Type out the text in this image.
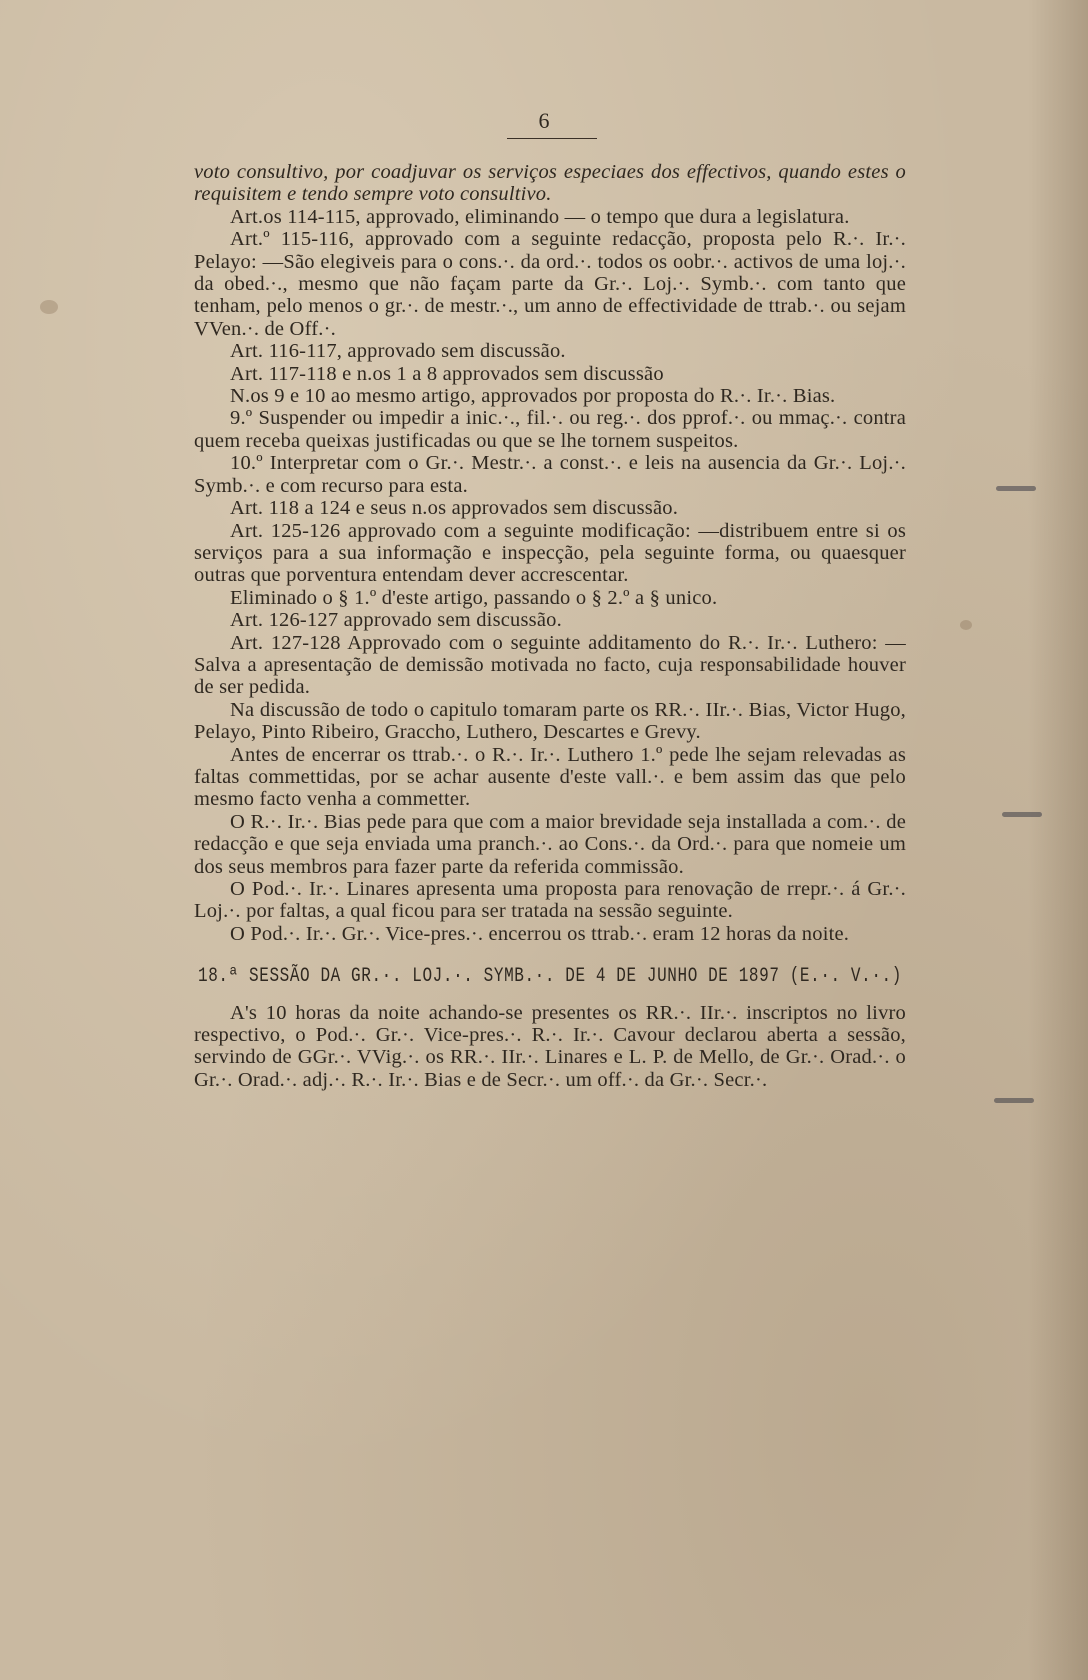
6

voto consultivo, por coadjuvar os serviços especiaes dos effectivos, quando estes o requisitem e tendo sempre voto consultivo.

Art.os 114-115, approvado, eliminando — o tempo que dura a legislatura.

Art.º 115-116, approvado com a seguinte redacção, proposta pelo R.·. Ir.·. Pelayo: —São elegiveis para o cons.·. da ord.·. todos os oobr.·. activos de uma loj.·. da obed.·., mesmo que não façam parte da Gr.·. Loj.·. Symb.·. com tanto que tenham, pelo menos o gr.·. de mestr.·., um anno de effectividade de ttrab.·. ou sejam VVen.·. de Off.·.

Art. 116-117, approvado sem discussão.

Art. 117-118 e n.os 1 a 8 approvados sem discussão

N.os 9 e 10 ao mesmo artigo, approvados por proposta do R.·. Ir.·. Bias.

9.º Suspender ou impedir a inic.·., fil.·. ou reg.·. dos pprof.·. ou mmaç.·. contra quem receba queixas justificadas ou que se lhe tornem suspeitos.

10.º Interpretar com o Gr.·. Mestr.·. a const.·. e leis na ausencia da Gr.·. Loj.·. Symb.·. e com recurso para esta.

Art. 118 a 124 e seus n.os approvados sem discussão.

Art. 125-126 approvado com a seguinte modificação: —distribuem entre si os serviços para a sua informação e inspecção, pela seguinte forma, ou quaesquer outras que porventura entendam dever accrescentar.

Eliminado o § 1.º d'este artigo, passando o § 2.º a § unico.

Art. 126-127 approvado sem discussão.

Art. 127-128 Approvado com o seguinte additamento do R.·. Ir.·. Luthero: — Salva a apresentação de demissão motivada no facto, cuja responsabilidade houver de ser pedida.

Na discussão de todo o capitulo tomaram parte os RR.·. IIr.·. Bias, Victor Hugo, Pelayo, Pinto Ribeiro, Graccho, Luthero, Descartes e Grevy.

Antes de encerrar os ttrab.·. o R.·. Ir.·. Luthero 1.º pede lhe sejam relevadas as faltas commettidas, por se achar ausente d'este vall.·. e bem assim das que pelo mesmo facto venha a commetter.

O R.·. Ir.·. Bias pede para que com a maior brevidade seja installada a com.·. de redacção e que seja enviada uma pranch.·. ao Cons.·. da Ord.·. para que nomeie um dos seus membros para fazer parte da referida commissão.

O Pod.·. Ir.·. Linares apresenta uma proposta para renovação de rrepr.·. á Gr.·. Loj.·. por faltas, a qual ficou para ser tratada na sessão seguinte.

O Pod.·. Ir.·. Gr.·. Vice-pres.·. encerrou os ttrab.·. eram 12 horas da noite.

18.ª SESSÃO DA GR.·. LOJ.·. SYMB.·. DE 4 DE JUNHO DE 1897 (E.·. V.·.)

A's 10 horas da noite achando-se presentes os RR.·. IIr.·. inscriptos no livro respectivo, o Pod.·. Gr.·. Vice-pres.·. R.·. Ir.·. Cavour declarou aberta a sessão, servindo de GGr.·. VVig.·. os RR.·. IIr.·. Linares e L. P. de Mello, de Gr.·. Orad.·. o Gr.·. Orad.·. adj.·. R.·. Ir.·. Bias e de Secr.·. um off.·. da Gr.·. Secr.·.
